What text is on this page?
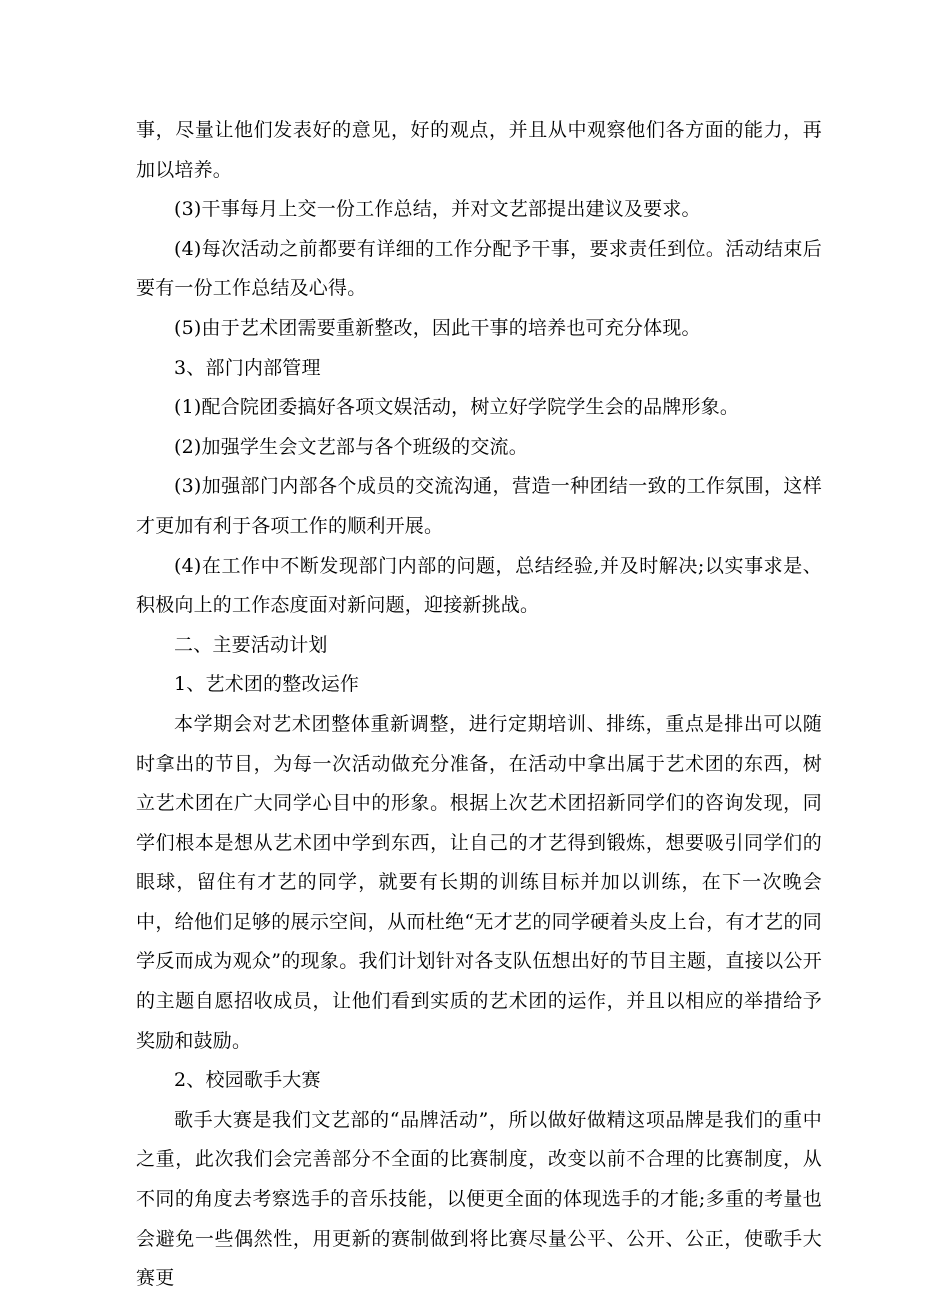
事，尽量让他们发表好的意见，好的观点，并且从中观察他们各方面的能力，再加以培养。

(3)干事每月上交一份工作总结，并对文艺部提出建议及要求。

(4)每次活动之前都要有详细的工作分配予干事，要求责任到位。活动结束后要有一份工作总结及心得。

(5)由于艺术团需要重新整改，因此干事的培养也可充分体现。

3、部门内部管理

(1)配合院团委搞好各项文娱活动，树立好学院学生会的品牌形象。

(2)加强学生会文艺部与各个班级的交流。

(3)加强部门内部各个成员的交流沟通，营造一种团结一致的工作氛围，这样才更加有利于各项工作的顺利开展。

(4)在工作中不断发现部门内部的问题，总结经验,并及时解决;以实事求是、积极向上的工作态度面对新问题，迎接新挑战。

二、主要活动计划

1、艺术团的整改运作

本学期会对艺术团整体重新调整，进行定期培训、排练，重点是排出可以随时拿出的节目，为每一次活动做充分准备，在活动中拿出属于艺术团的东西，树立艺术团在广大同学心目中的形象。根据上次艺术团招新同学们的咨询发现，同学们根本是想从艺术团中学到东西，让自己的才艺得到锻炼，想要吸引同学们的眼球，留住有才艺的同学，就要有长期的训练目标并加以训练，在下一次晚会中，给他们足够的展示空间，从而杜绝“无才艺的同学硬着头皮上台，有才艺的同学反而成为观众”的现象。我们计划针对各支队伍想出好的节目主题，直接以公开的主题自愿招收成员，让他们看到实质的艺术团的运作，并且以相应的举措给予奖励和鼓励。

2、校园歌手大赛

歌手大赛是我们文艺部的“品牌活动”，所以做好做精这项品牌是我们的重中之重，此次我们会完善部分不全面的比赛制度，改变以前不合理的比赛制度，从不同的角度去考察选手的音乐技能，以便更全面的体现选手的才能;多重的考量也会避免一些偶然性，用更新的赛制做到将比赛尽量公平、公开、公正，使歌手大赛更
